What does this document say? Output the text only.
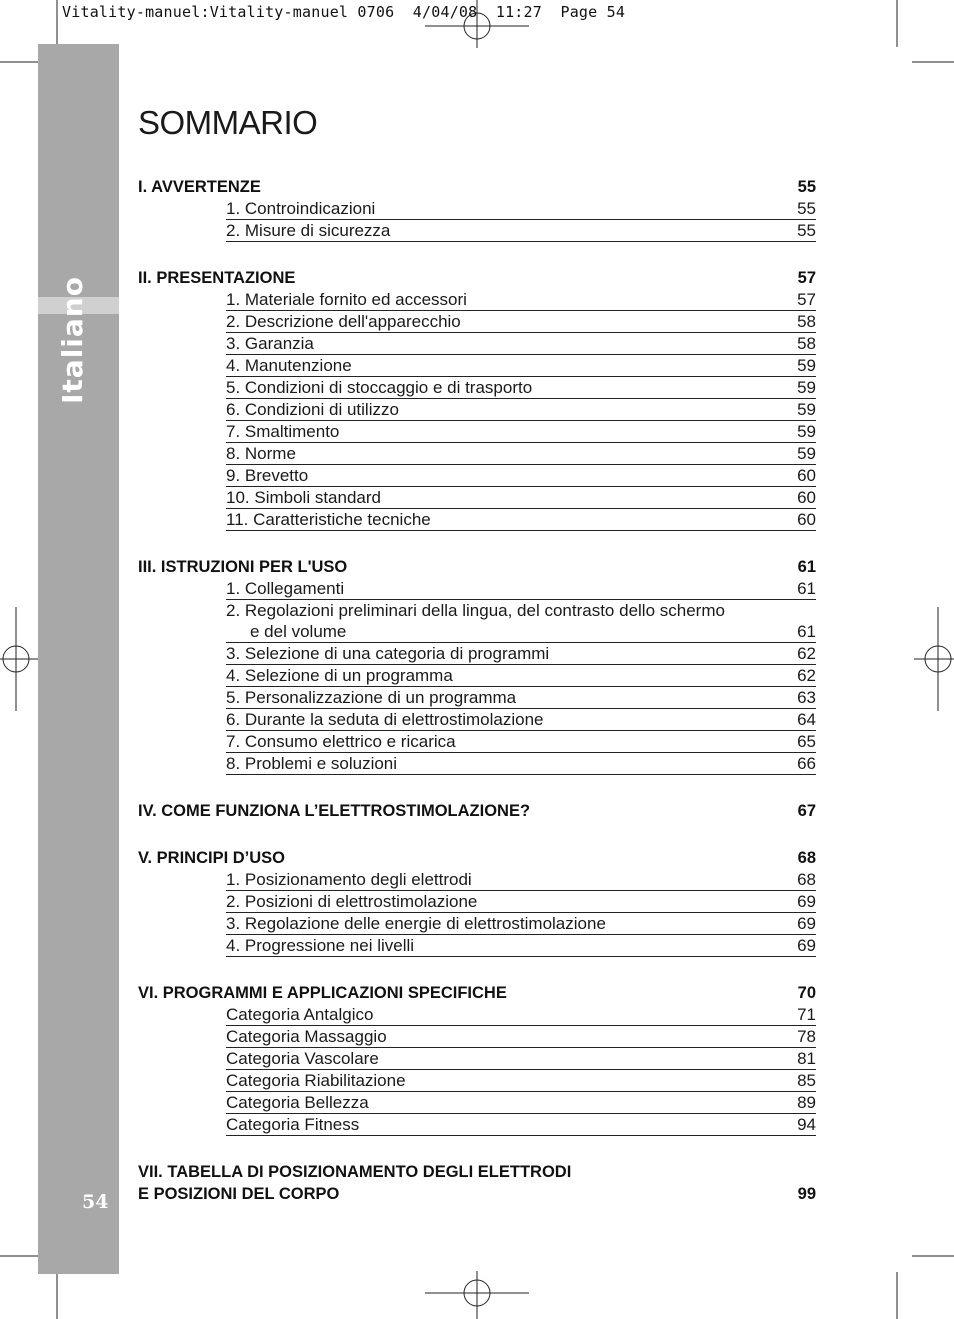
Vitality-manuel:Vitality-manuel 0706  4/04/08  11:27  Page 54
Italiano
54
SOMMARIO
I. AVVERTENZE	55
1. Controindicazioni	55
2. Misure di sicurezza	55
II. PRESENTAZIONE	57
1. Materiale fornito ed accessori	57
2. Descrizione dell'apparecchio	58
3. Garanzia	58
4. Manutenzione	59
5. Condizioni di stoccaggio e di trasporto	59
6. Condizioni di utilizzo	59
7. Smaltimento	59
8. Norme	59
9. Brevetto	60
10. Simboli standard	60
11. Caratteristiche tecniche	60
III. ISTRUZIONI PER L'USO	61
1. Collegamenti	61
2. Regolazioni preliminari della lingua, del contrasto dello schermo
e del volume	61
3. Selezione di una categoria di programmi	62
4. Selezione di un programma	62
5. Personalizzazione di un programma	63
6. Durante la seduta di elettrostimolazione	64
7. Consumo elettrico e ricarica	65
8. Problemi e soluzioni	66
IV. COME FUNZIONA L’ELETTROSTIMOLAZIONE?	67
V. PRINCIPI D’USO	68
1. Posizionamento degli elettrodi	68
2. Posizioni di elettrostimolazione	69
3. Regolazione delle energie di elettrostimolazione	69
4. Progressione nei livelli	69
VI. PROGRAMMI E APPLICAZIONI SPECIFICHE	70
Categoria Antalgico	71
Categoria Massaggio	78
Categoria Vascolare	81
Categoria Riabilitazione	85
Categoria Bellezza	89
Categoria Fitness	94
VII. TABELLA DI POSIZIONAMENTO DEGLI ELETTRODI
E POSIZIONI DEL CORPO	99
